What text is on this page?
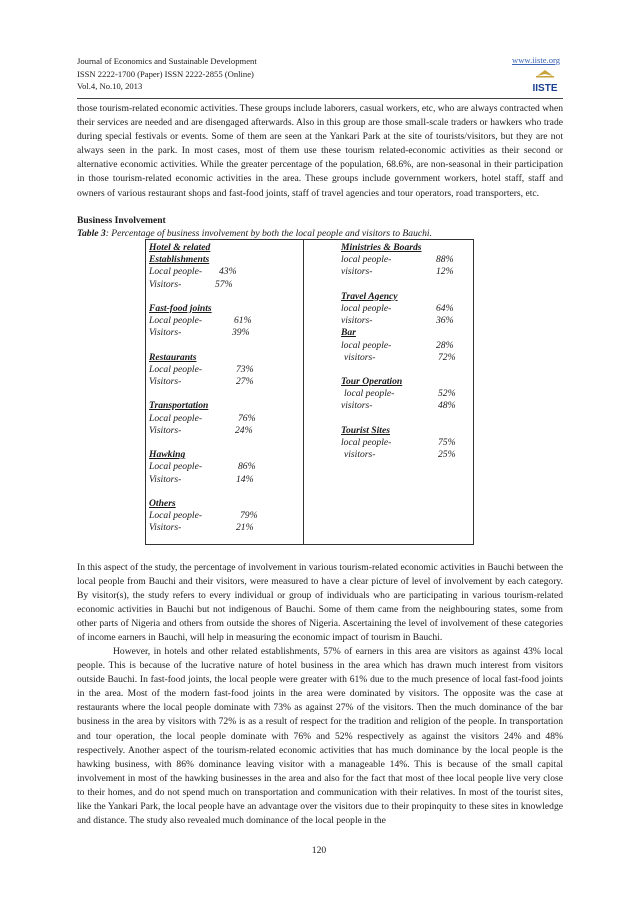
Journal of Economics and Sustainable Development
ISSN 2222-1700 (Paper) ISSN 2222-2855 (Online)
Vol.4, No.10, 2013
www.iiste.org
IISTE

those tourism-related economic activities. These groups include laborers, casual workers, etc, who are always contracted when their services are needed and are disengaged afterwards. Also in this group are those small-scale traders or hawkers who trade during special festivals or events. Some of them are seen at the Yankari Park at the site of tourists/visitors, but they are not always seen in the park. In most cases, most of them use these tourism related-economic activities as their second or alternative economic activities. While the greater percentage of the population, 68.6%, are non-seasonal in their participation in those tourism-related economic activities in the area. These groups include government workers, hotel staff, staff and owners of various restaurant shops and fast-food joints, staff of travel agencies and tour operators, road transporters, etc.

Business Involvement
Table 3: Percentage of business involvement by both the local people and visitors to Bauchi.
Hotel & related
Establishments
Local people- 43%
Visitors-	57%
Fast-food joints
Local people-	61%
Visitors-	39%
Restaurants
Local people-	73%
Visitors-	27%
Transportation
Local people-	76%
Visitors-	24%
Hawking
Local people-	86%
Visitors-	14%
Others
Local people-	79%
Visitors-	21%
Ministries & Boards
local people-	88%
visitors-	12%
Travel Agency
local people-	64%
visitors-	36%
Bar
local people-	28%
visitors-	72%
Tour Operation
local people-	52%
visitors-	48%
Tourist Sites
local people-	75%
visitors-	25%

In this aspect of the study, the percentage of involvement in various tourism-related economic activities in Bauchi between the local people from Bauchi and their visitors, were measured to have a clear picture of level of involvement by each category. By visitor(s), the study refers to every individual or group of individuals who are participating in various tourism-related economic activities in Bauchi but not indigenous of Bauchi. Some of them came from the neighbouring states, some from other parts of Nigeria and others from outside the shores of Nigeria. Ascertaining the level of involvement of these categories of income earners in Bauchi, will help in measuring the economic impact of tourism in Bauchi.

However, in hotels and other related establishments, 57% of earners in this area are visitors as against 43% local people. This is because of the lucrative nature of hotel business in the area which has drawn much interest from visitors outside Bauchi. In fast-food joints, the local people were greater with 61% due to the much presence of local fast-food joints in the area. Most of the modern fast-food joints in the area were dominated by visitors. The opposite was the case at restaurants where the local people dominate with 73% as against 27% of the visitors. Then the much dominance of the bar business in the area by visitors with 72% is as a result of respect for the tradition and religion of the people. In transportation and tour operation, the local people dominate with 76% and 52% respectively as against the visitors 24% and 48% respectively. Another aspect of the tourism-related economic activities that has much dominance by the local people is the hawking business, with 86% dominance leaving visitor with a manageable 14%. This is because of the small capital involvement in most of the hawking businesses in the area and also for the fact that most of thee local people live very close to their homes, and do not spend much on transportation and communication with their relatives. In most of the tourist sites, like the Yankari Park, the local people have an advantage over the visitors due to their propinquity to these sites in knowledge and distance. The study also revealed much dominance of the local people in the

120
